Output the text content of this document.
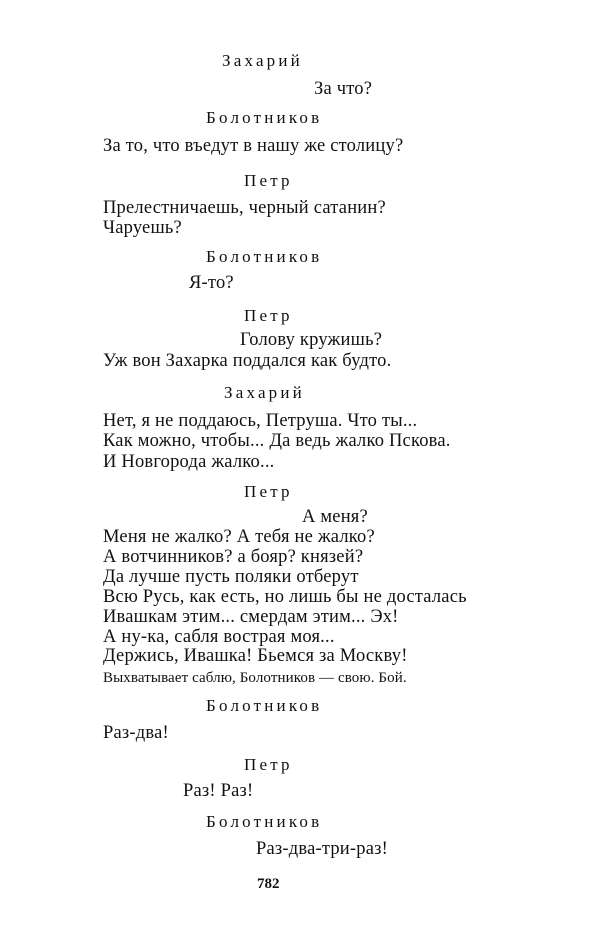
Захарий
За что?
Болотников
За то, что въедут в нашу же столицу?
Петр
Прелестничаешь, черный сатанин?
Чаруешь?
Болотников
Я-то?
Петр
Голову кружишь?
Уж вон Захарка поддался как будто.
Захарий
Нет, я не поддаюсь, Петруша. Что ты...
Как можно, чтобы... Да ведь жалко Пскова.
И Новгорода жалко...
Петр
А меня?
Меня не жалко? А тебя не жалко?
А вотчинников? а бояр? князей?
Да лучше пусть поляки отберут
Всю Русь, как есть, но лишь бы не досталась
Ивашкам этим... смердам этим... Эх!
А ну-ка, сабля вострая моя...
Держись, Ивашка! Бьемся за Москву!
Выхватывает саблю, Болотников — свою. Бой.
Болотников
Раз-два!
Петр
Раз! Раз!
Болотников
Раз-два-три-раз!
782
